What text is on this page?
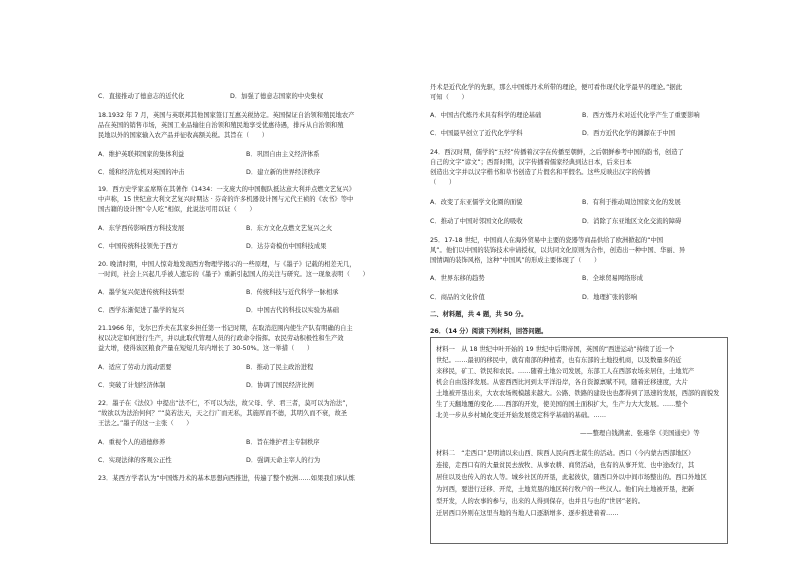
C．直接推动了德意志的近代化	D．加强了德意志国家的中央集权
18.1932 年 7 月，英国与英联邦其他国家签订互惠关税协定。英国保证自治领和殖民地农产
品在英国的销售市场，英国工业品输往自治领和殖民地享受优惠待遇，排斥从自治领和殖
民地以外的国家输入农产品并征收高额关税。其旨在（　　）
A．维护英联邦国家的集体利益	B．巩固自由主义经济体系
C．缓和经济危机对英国的冲击	D．建立新的世界经济秩序
19．西方史学家孟席斯在其著作《1434：一支庞大的中国舰队抵达意大利并点燃文艺复兴》
中声称，15 世纪意大利文艺复兴时期达 · 芬奇的许多机器设计图与元代王祯的《农书》等中
国古籍的设计图“令人吃”相似，此说法可用以证（　　）
A．东学西传影响西方科技发展	B．东方文化点燃文艺复兴之火
C．中国传统科技领先于西方	D．达芬奇模仿中国科技成果
20. 晚清时期，中国人惊奇地发现西方物理学揭示的一些原理，与《墨子》记载的相差无几，
一时间，社会上兴起几乎被人遗忘的《墨子》重新引起国人的关注与研究。这一现象表明（　　）
A．墨学复兴促进传统科技转型	B．传统科技与近代科学一脉相承
C．西学东渐促进了墨学的复兴	D．中国古代的科技以实验为基础
21.1966 年，戈尔巴乔夫在其家乡担任第一书记时期，在取消范围内使生产队有明确的自主
权以决定如何进行生产，并以此取代管理人员的行政命令指挥。农民劳动积极性和生产效
益大增，使得该区粮食产量在短短几年内增长了 30-50%。这一举措（　　）
A．适应了劳动力流动需要	B．推动了民主政治进程
C．突破了计划经济体制	D．协调了国民经济比例
22．墨子在《法仪》中提出“法不仁，不可以为法，故父母、学、君三者，莫可以为治法”，
“故欲以为法治何何？”“莫若法天，天之行广而无私，其施厚而不德，其明久而不衰，故圣
王法之。”墨子的这一主张（　　）
A．重视个人的道德修养	B．旨在维护君主专制秩序
C．实现法律的客观公正性	D．强调天命主宰人的行为
23．某西方学者认为“中国炼丹术的基本思想向西推进，传遍了整个欧洲……如果我们承认炼
丹术是近代化学的先驱，那么中国炼丹术所带的理论，便可看作现代化学最早的理论。”据此
可知（　　）
A．中国古代炼丹术具有科学的理论基础	B．西方炼丹术对近代化学产生了重要影响
C．中国最早创立了近代化学学科	D．西方近代化学的渊源在于中国
24．西汉时期，儒学的“五经”传播着汉字在传播至朝鲜，之后朝鲜参考中国的韵书，创造了
自己的文字“谚文”；西晋时期，汉字传播着儒家经典到达日本，后来日本
创造出文字并以汉字楷书和草书创造了片假名和平假名。这些反映出汉字的传播
（　　）
A．改变了东亚儒学文化圈的面貌	B．有利于推动周边国家文化的发展
C．推动了中国对邻国文化的吸收	D．消除了东亚地区文化交流的障碍
25．17-18 世纪，中国商人在海外贸易中主要的瓷器等商品供给了欧洲掀起的“中国
风”。他们以中国的装饰技术申请授权，以共同文化原则为合作，创造出一种中国、华丽、异
国情调的装饰风格，这种“中国风”的形成主要体现了（　　）
A．世界东移的趋势	B．全球贸易网络形成
C．商品的文化价值	D．地理扩张的影响
二、材料题，共 4 题，共 50 分。
26．（14 分）阅读下列材料，回答问题。
材料一　从 18 世纪中叶开始的 19 世纪中后期帝国，英国的“西进运动”持续了近一个
世纪。……最初的移民中，就有南部的种植者，也有东部的土地投机商，以及数量多的近
来移民，矿工、铁民和农民。……随着土地公司发展，东部工人在西部农场来居住，土地荒产
机会自由选择发展。从密西西比河到太平洋沿岸，各自资源禀赋不同，随着迁移速度，大片
土地被开垦出来，大农农场规模越来越大。公路、铁路的建设也也都得到了迅速的发展，西部的面貌发
生了天翻地覆的变化……西部的开发，使美国的国土面积扩大，生产力大大发展。……整个
北美一步从乡村城化变迁开始发展奠定科学基础的基础。……
——整理自钱满素、张瑾华《美国通史》等
材料二　“走西口”是明清以来山西、陕西人民向西北谋生的活动。西口（今内蒙古西部地区）
连接，走西口有的大量贫民去放牧、从事农耕、商贸活动，也有的从事开荒、也中途改行，其
居住以及也传入的农人等。城乡社区的开垦，此起彼伏，随西口外以中间市场整出的。西口外地区
为河西，要进行迁移、开荒，土地荒垦的地区转行牧户的一些汉人。他们向土地被开垦，把新
型开发，人的农事的参与，出来的人得到保存，也并且与也的“世居”老的。
迁居西口外则在这里当地的当地人口逐渐增多、逐步推进着着……
